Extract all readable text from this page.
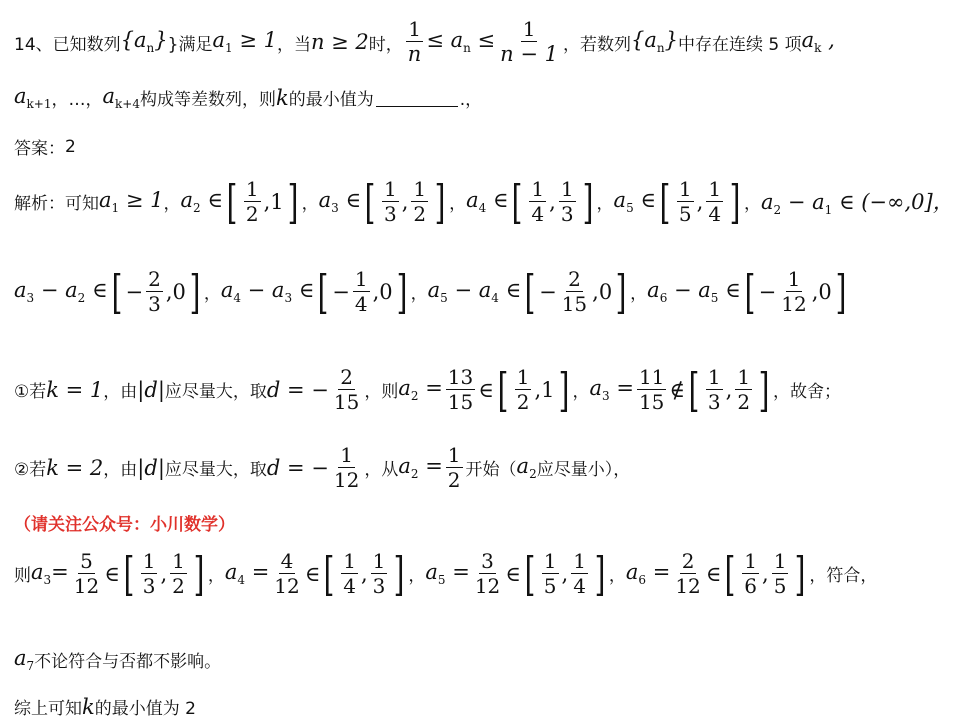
14、 已知数列 $\{a_n\}$ }满足 $a_1 \ge 1$ ，当 n ≥ 2 时， $\frac{1}{n} \le a_n \le \frac{1}{n - 1}$ ，若数列 $\{a_n\}$ 中存在连续 5 项 $a_k$ ,
$a_{k+1}$ ，…， $a_{k+4}$ 构成等差数列，则 k 的最小值为	.，
答案： 2
解析：可知 $a_1 \ge 1$ ， $a_2$ ∈ [ $\frac{1}{2} ,1$ ] ， $a_3$ ∈ [ $\frac{1}{3}$ , $\frac{1}{2}$ ] ， $a_4$ ∈ [ $\frac{1}{4}$ , $\frac{1}{3}$ ] ， $a_5$ ∈ [ $\frac{1}{5}$ , $\frac{1}{4}$ ] ， $a_2 - a_1$ ∈ (−∞,0]，
$a_3 - a_2$ ∈ [ − $\frac{2}{3} ,0$ ] ， $a_4 - a_3$ ∈ [ − $\frac{1}{4} ,0$ ] ， $a_5 - a_4$ ∈ [ − $\frac{2}{15} ,0$ ] ， $a_6 - a_5$ ∈ [ − $\frac{1}{12} ,0$ ]
①若 k = 1 ，由 |d| 应尽量大，取 d = − $\frac{2}{15}$ ，则 $a_2 = \frac{13}{15}$ ∈ [ $\frac{1}{2} ,1$ ] ， $a_3 = \frac{11}{15}$ ∉ [ $\frac{1}{3}$ , $\frac{1}{2}$ ] ，故舍；
②若 k = 2 ，由 |d| 应尽量大，取 d = − $\frac{1}{12}$ ，从 $a_2 = \frac{1}{2}$ 开始（ $a_2$ 应尽量小），
（请关注公众号：小川数学）
则 $a_3= \frac{5}{12}$ ∈ [ $\frac{1}{3}$ , $\frac{1}{2}$ ] ， $a_4 = \frac{4}{12}$ ∈ [ $\frac{1}{4}$ , $\frac{1}{3}$ ] ， $a_5 = \frac{3}{12}$ ∈ [ $\frac{1}{5}$ , $\frac{1}{4}$ ] ， $a_6 = \frac{2}{12}$ ∈ [ $\frac{1}{6}$ , $\frac{1}{5}$ ] ，符合，
$a_7$ 不论符合与否都不影响。
综上可知 k 的最小值为 2
